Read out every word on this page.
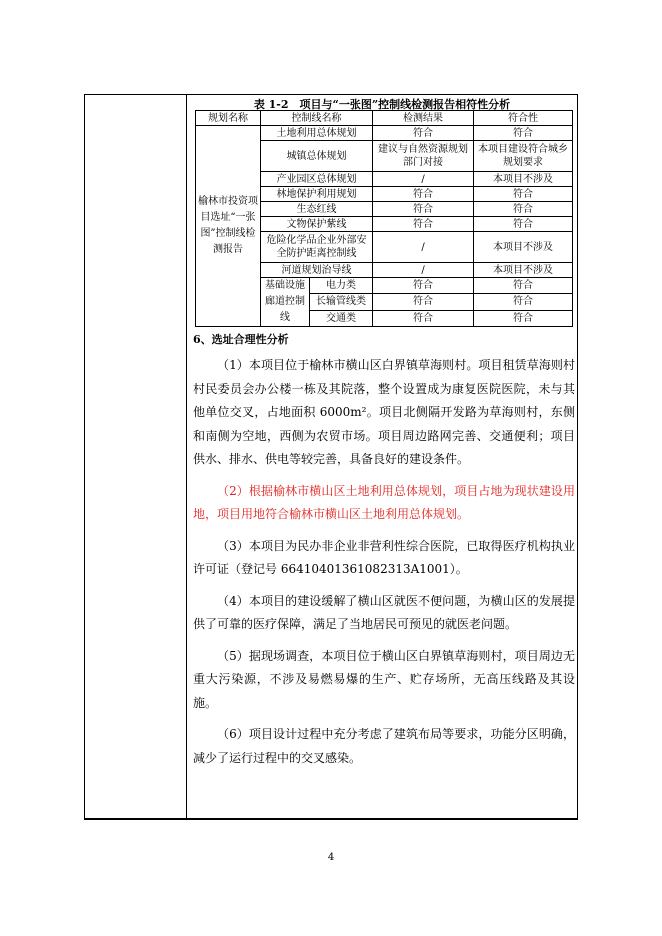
表 1-2　项目与“一张图”控制线检测报告相符性分析
规划名称	控制线名称		检测结果	符合性
榆林市投资项目选址“一张图”控制线检测报告	土地利用总体规划		符合	符合
	城镇总体规划		建议与自然资源规划部门对接	本项目建设符合城乡规划要求
	产业园区总体规划		/	本项目不涉及
	林地保护利用规划		符合	符合
	生态红线		符合	符合
	文物保护紫线		符合	符合
	危险化学品企业外部安全防护距离控制线		/	本项目不涉及
	河道规划治导线		/	本项目不涉及
	基础设施廊道控制线	电力类	符合	符合
		长输管线类	符合	符合
		交通类	符合	符合
6、选址合理性分析

（1）本项目位于榆林市横山区白界镇草海则村。项目租赁草海则村村民委员会办公楼一栋及其院落，整个设置成为康复医院医院，未与其他单位交叉，占地面积 6000m²。项目北侧隔开发路为草海则村，东侧和南侧为空地，西侧为农贸市场。项目周边路网完善、交通便利；项目供水、排水、供电等较完善，具备良好的建设条件。

（2）根据榆林市横山区土地利用总体规划，项目占地为现状建设用地，项目用地符合榆林市横山区土地利用总体规划。

（3）本项目为民办非企业非营利性综合医院，已取得医疗机构执业许可证（登记号 66410401361082313A1001）。

（4）本项目的建设缓解了横山区就医不便问题，为横山区的发展提供了可靠的医疗保障，满足了当地居民可预见的就医老问题。

（5）据现场调查，本项目位于横山区白界镇草海则村，项目周边无重大污染源，不涉及易燃易爆的生产、贮存场所，无高压线路及其设施。

（6）项目设计过程中充分考虑了建筑布局等要求，功能分区明确，减少了运行过程中的交叉感染。

4
